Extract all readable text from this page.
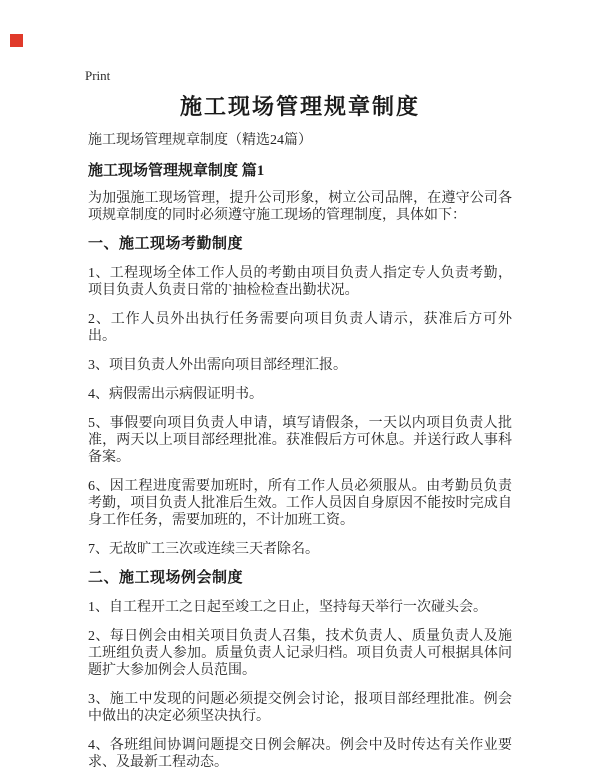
Print
施工现场管理规章制度

施工现场管理规章制度（精选24篇）

施工现场管理规章制度 篇1

为加强施工现场管理，提升公司形象，树立公司品牌，在遵守公司各项规章制度的同时必须遵守施工现场的管理制度，具体如下：

一、施工现场考勤制度

1、工程现场全体工作人员的考勤由项目负责人指定专人负责考勤，项目负责人负责日常的`抽检检查出勤状况。

2、工作人员外出执行任务需要向项目负责人请示，获准后方可外出。

3、项目负责人外出需向项目部经理汇报。

4、病假需出示病假证明书。

5、事假要向项目负责人申请，填写请假条，一天以内项目负责人批准，两天以上项目部经理批准。获准假后方可休息。并送行政人事科备案。

6、因工程进度需要加班时，所有工作人员必须服从。由考勤员负责考勤，项目负责人批准后生效。工作人员因自身原因不能按时完成自身工作任务，需要加班的，不计加班工资。

7、无故旷工三次或连续三天者除名。

二、施工现场例会制度

1、自工程开工之日起至竣工之日止，坚持每天举行一次碰头会。

2、每日例会由相关项目负责人召集，技术负责人、质量负责人及施工班组负责人参加。质量负责人记录归档。项目负责人可根据具体问题扩大参加例会人员范围。

3、施工中发现的问题必须提交例会讨论，报项目部经理批准。例会中做出的决定必须坚决执行。

4、各班组间协调问题提交日例会解决。例会中及时传达有关作业要求、及最新工程动态。
